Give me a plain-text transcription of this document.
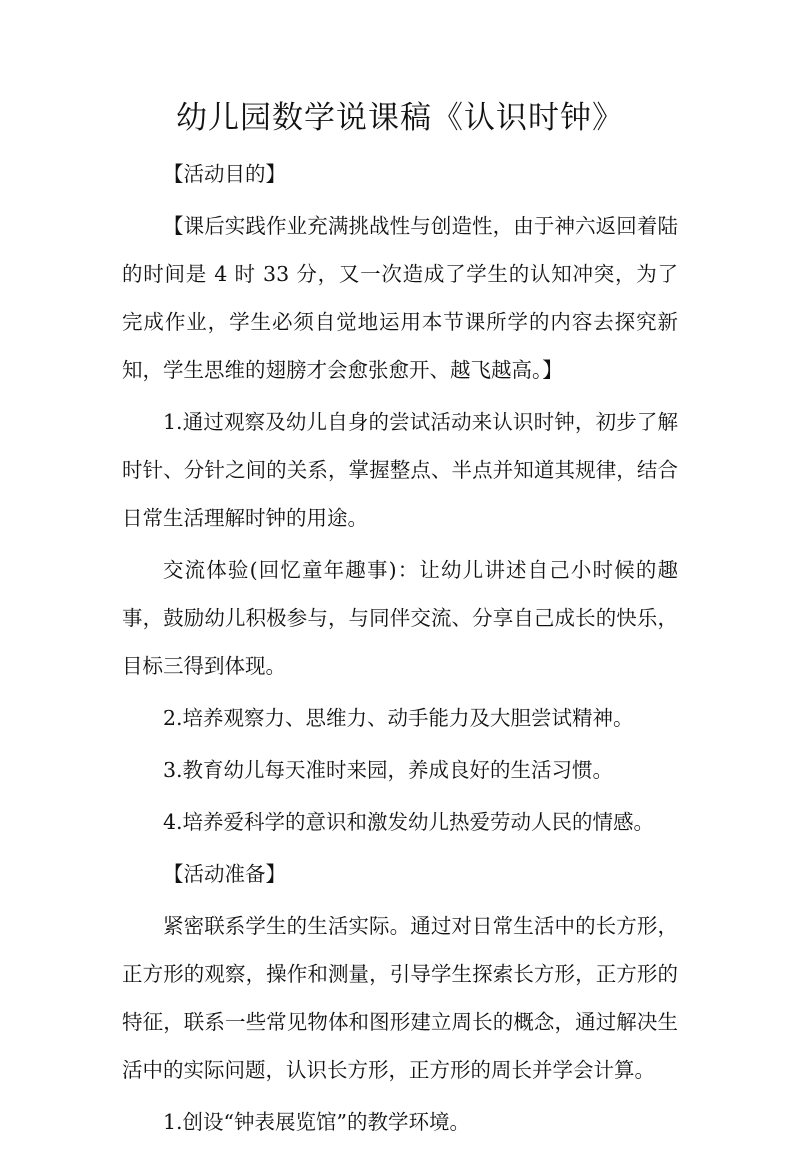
幼儿园数学说课稿《认识时钟》

【活动目的】

【课后实践作业充满挑战性与创造性，由于神六返回着陆的时间是 4 时 33 分，又一次造成了学生的认知冲突，为了完成作业，学生必须自觉地运用本节课所学的内容去探究新知，学生思维的翅膀才会愈张愈开、越飞越高。】

1.通过观察及幼儿自身的尝试活动来认识时钟，初步了解时针、分针之间的关系，掌握整点、半点并知道其规律，结合日常生活理解时钟的用途。

交流体验(回忆童年趣事)：让幼儿讲述自己小时候的趣事，鼓励幼儿积极参与，与同伴交流、分享自己成长的快乐，目标三得到体现。

2.培养观察力、思维力、动手能力及大胆尝试精神。

3.教育幼儿每天准时来园，养成良好的生活习惯。

4.培养爱科学的意识和激发幼儿热爱劳动人民的情感。

【活动准备】

紧密联系学生的生活实际。通过对日常生活中的长方形，正方形的观察，操作和测量，引导学生探索长方形，正方形的特征，联系一些常见物体和图形建立周长的概念，通过解决生活中的实际问题，认识长方形，正方形的周长并学会计算。

1.创设“钟表展览馆”的教学环境。
